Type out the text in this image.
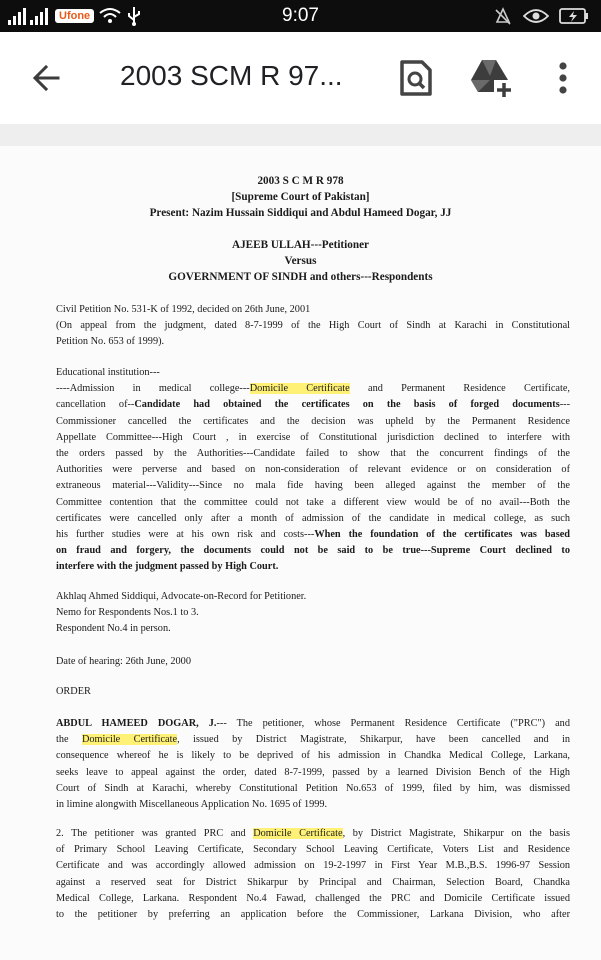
Ufone	9:07
2003 SCM R 97...
2003 S C M R 978
[Supreme Court of Pakistan]
Present: Nazim Hussain Siddiqui and Abdul Hameed Dogar, JJ
AJEEB ULLAH---Petitioner
Versus
GOVERNMENT OF SINDH and others---Respondents
Civil Petition No. 531-K of 1992, decided on 26th June, 2001
(On appeal from the judgment, dated 8-7-1999 of the High Court of Sindh at Karachi in Constitutional
Petition No. 653 of 1999).
Educational institution---
----Admission in medical college---Domicile Certificate and Permanent Residence Certificate,
cancellation of--Candidate had obtained the certificates on the basis of forged documents---
Commissioner cancelled the certificates and the decision was upheld by the Permanent Residence
Appellate Committee---High Court , in exercise of Constitutional jurisdiction declined to interfere with
the orders passed by the Authorities---Candidate failed to show that the concurrent findings of the
Authorities were perverse and based on non-consideration of relevant evidence or on consideration of
extraneous material---Validity---Since no mala fide having been alleged against the member of the
Committee contention that the committee could not take a different view would be of no avail---Both the
certificates were cancelled only after a month of admission of the candidate in medical college, as such
his further studies were at his own risk and costs---When the foundation of the certificates was based
on fraud and forgery, the documents could not be said to be true---Supreme Court declined to
interfere with the judgment passed by High Court.
Akhlaq Ahmed Siddiqui, Advocate-on-Record for Petitioner.
Nemo for Respondents Nos.1 to 3.
Respondent No.4 in person.
Date of hearing: 26th June, 2000
ORDER
ABDUL HAMEED DOGAR, J.--- The petitioner, whose Permanent Residence Certificate ("PRC") and
the Domicile Certificate, issued by District Magistrate, Shikarpur, have been cancelled and in
consequence whereof he is likely to be deprived of his admission in Chandka Medical College, Larkana,
seeks leave to appeal against the order, dated 8-7-1999, passed by a learned Division Bench of the High
Court of Sindh at Karachi, whereby Constitutional Petition No.653 of 1999, filed by him, was dismissed
in limine alongwith Miscellaneous Application No. 1695 of 1999.
2. The petitioner was granted PRC and Domicile Certificate, by District Magistrate, Shikarpur on the basis
of Primary School Leaving Certificate, Secondary School Leaving Certificate, Voters List and Residence
Certificate and was accordingly allowed admission on 19-2-1997 in First Year M.B.,B.S. 1996-97 Session
against a reserved seat for District Shikarpur by Principal and Chairman, Selection Board, Chandka
Medical College, Larkana. Respondent No.4 Fawad, challenged the PRC and Domicile Certificate issued
to the petitioner by preferring an application before the Commissioner, Larkana Division, who after
